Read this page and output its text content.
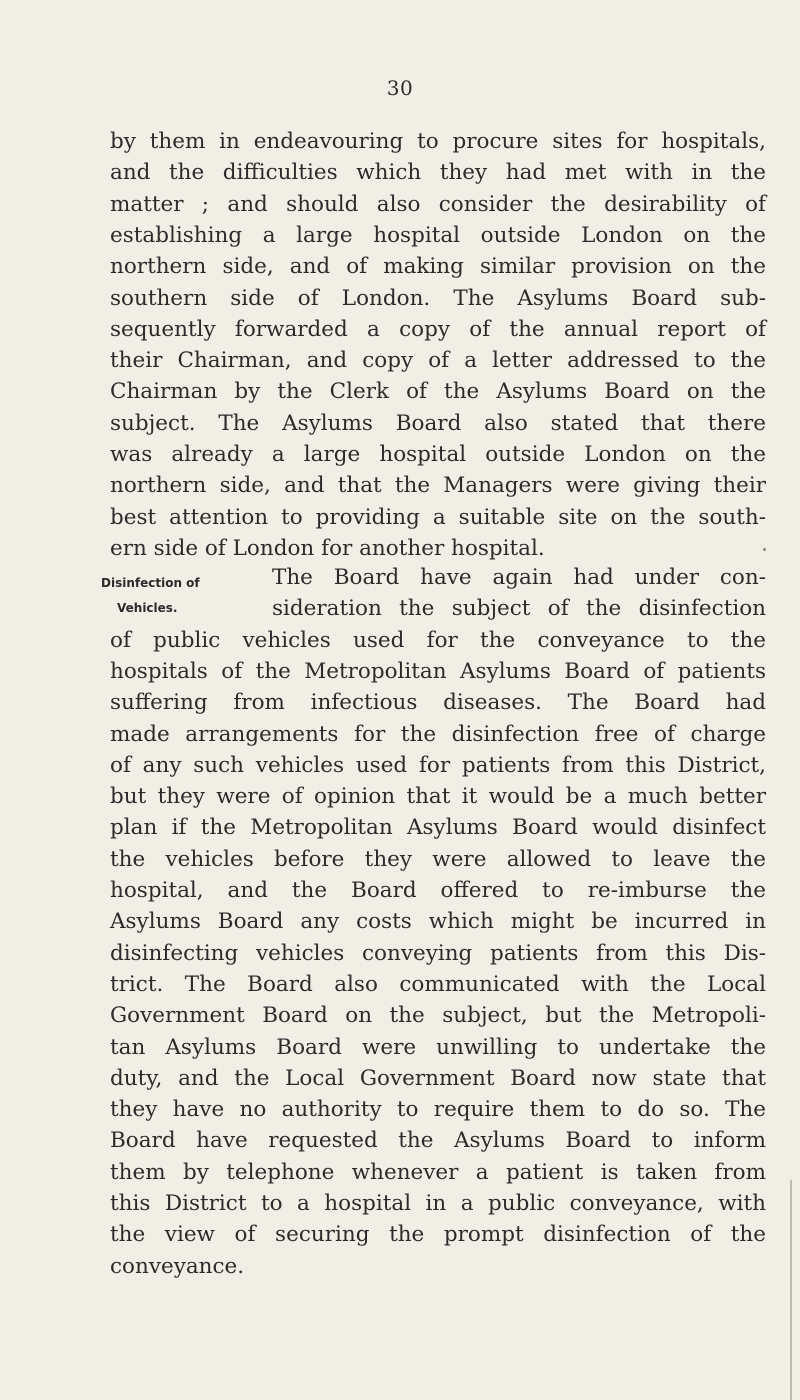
30
by them in endeavouring to procure sites for hospitals,
and the difficulties which they had met with in the
matter ; and should also consider the desirability of
establishing a large hospital outside London on the
northern side, and of making similar provision on the
southern side of London. The Asylums Board sub-
sequently forwarded a copy of the annual report of
their Chairman, and copy of a letter addressed to the
Chairman by the Clerk of the Asylums Board on the
subject. The Asylums Board also stated that there
was already a large hospital outside London on the
northern side, and that the Managers were giving their
best attention to providing a suitable site on the south-
ern side of London for another hospital.
Disinfection of
Vehicles.
The Board have again had under con-
sideration the subject of the disinfection
of public vehicles used for the conveyance to the
hospitals of the Metropolitan Asylums Board of patients
suffering from infectious diseases. The Board had
made arrangements for the disinfection free of charge
of any such vehicles used for patients from this District,
but they were of opinion that it would be a much better
plan if the Metropolitan Asylums Board would disinfect
the vehicles before they were allowed to leave the
hospital, and the Board offered to re-imburse the
Asylums Board any costs which might be incurred in
disinfecting vehicles conveying patients from this Dis-
trict. The Board also communicated with the Local
Government Board on the subject, but the Metropoli-
tan Asylums Board were unwilling to undertake the
duty, and the Local Government Board now state that
they have no authority to require them to do so. The
Board have requested the Asylums Board to inform
them by telephone whenever a patient is taken from
this District to a hospital in a public conveyance, with
the view of securing the prompt disinfection of the
conveyance.
